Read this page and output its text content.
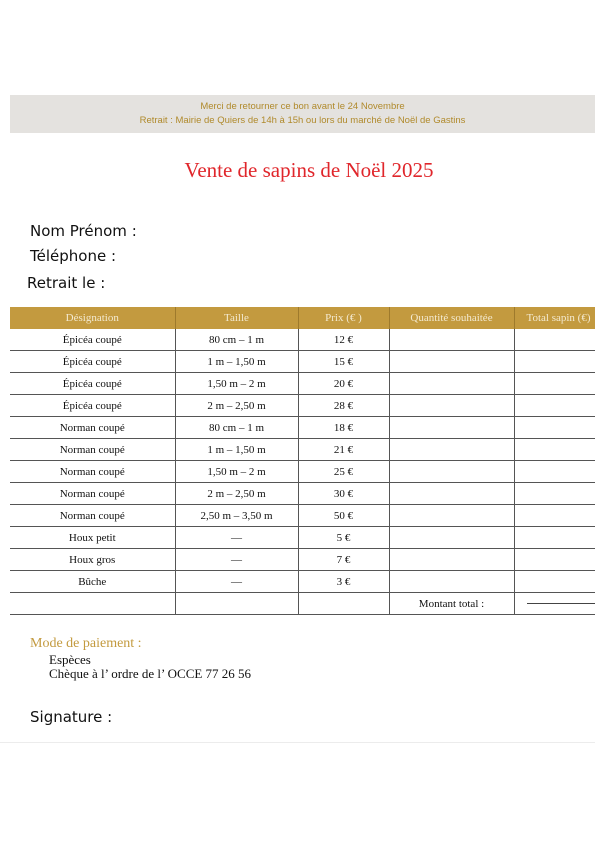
Merci de retourner ce bon avant le 24 Novembre
Retrait : Mairie de Quiers de 14h à 15h ou lors du marché de Noël de Gastins
Vente de sapins de Noël 2025
Nom Prénom :
Téléphone :
Retrait le :
Désignation	Taille	Prix (€ )	Quantité souhaitée	Total sapin (€)
Épicéa coupé	80 cm – 1 m	12 €		
Épicéa coupé	1 m – 1,50 m	15 €		
Épicéa coupé	1,50 m – 2 m	20 €		
Épicéa coupé	2 m – 2,50 m	28 €		
Norman coupé	80 cm – 1 m	18 €		
Norman coupé	1 m – 1,50 m	21 €		
Norman coupé	1,50 m – 2 m	25 €		
Norman coupé	2 m – 2,50 m	30 €		
Norman coupé	2,50 m – 3,50 m	50 €		
Houx petit	—	5 €		
Houx gros	—	7 €		
Bûche	—	3 €		
			Montant total :	
Mode de paiement :
Espèces
Chèque à l’ ordre de l’ OCCE 77 26 56
Signature :
